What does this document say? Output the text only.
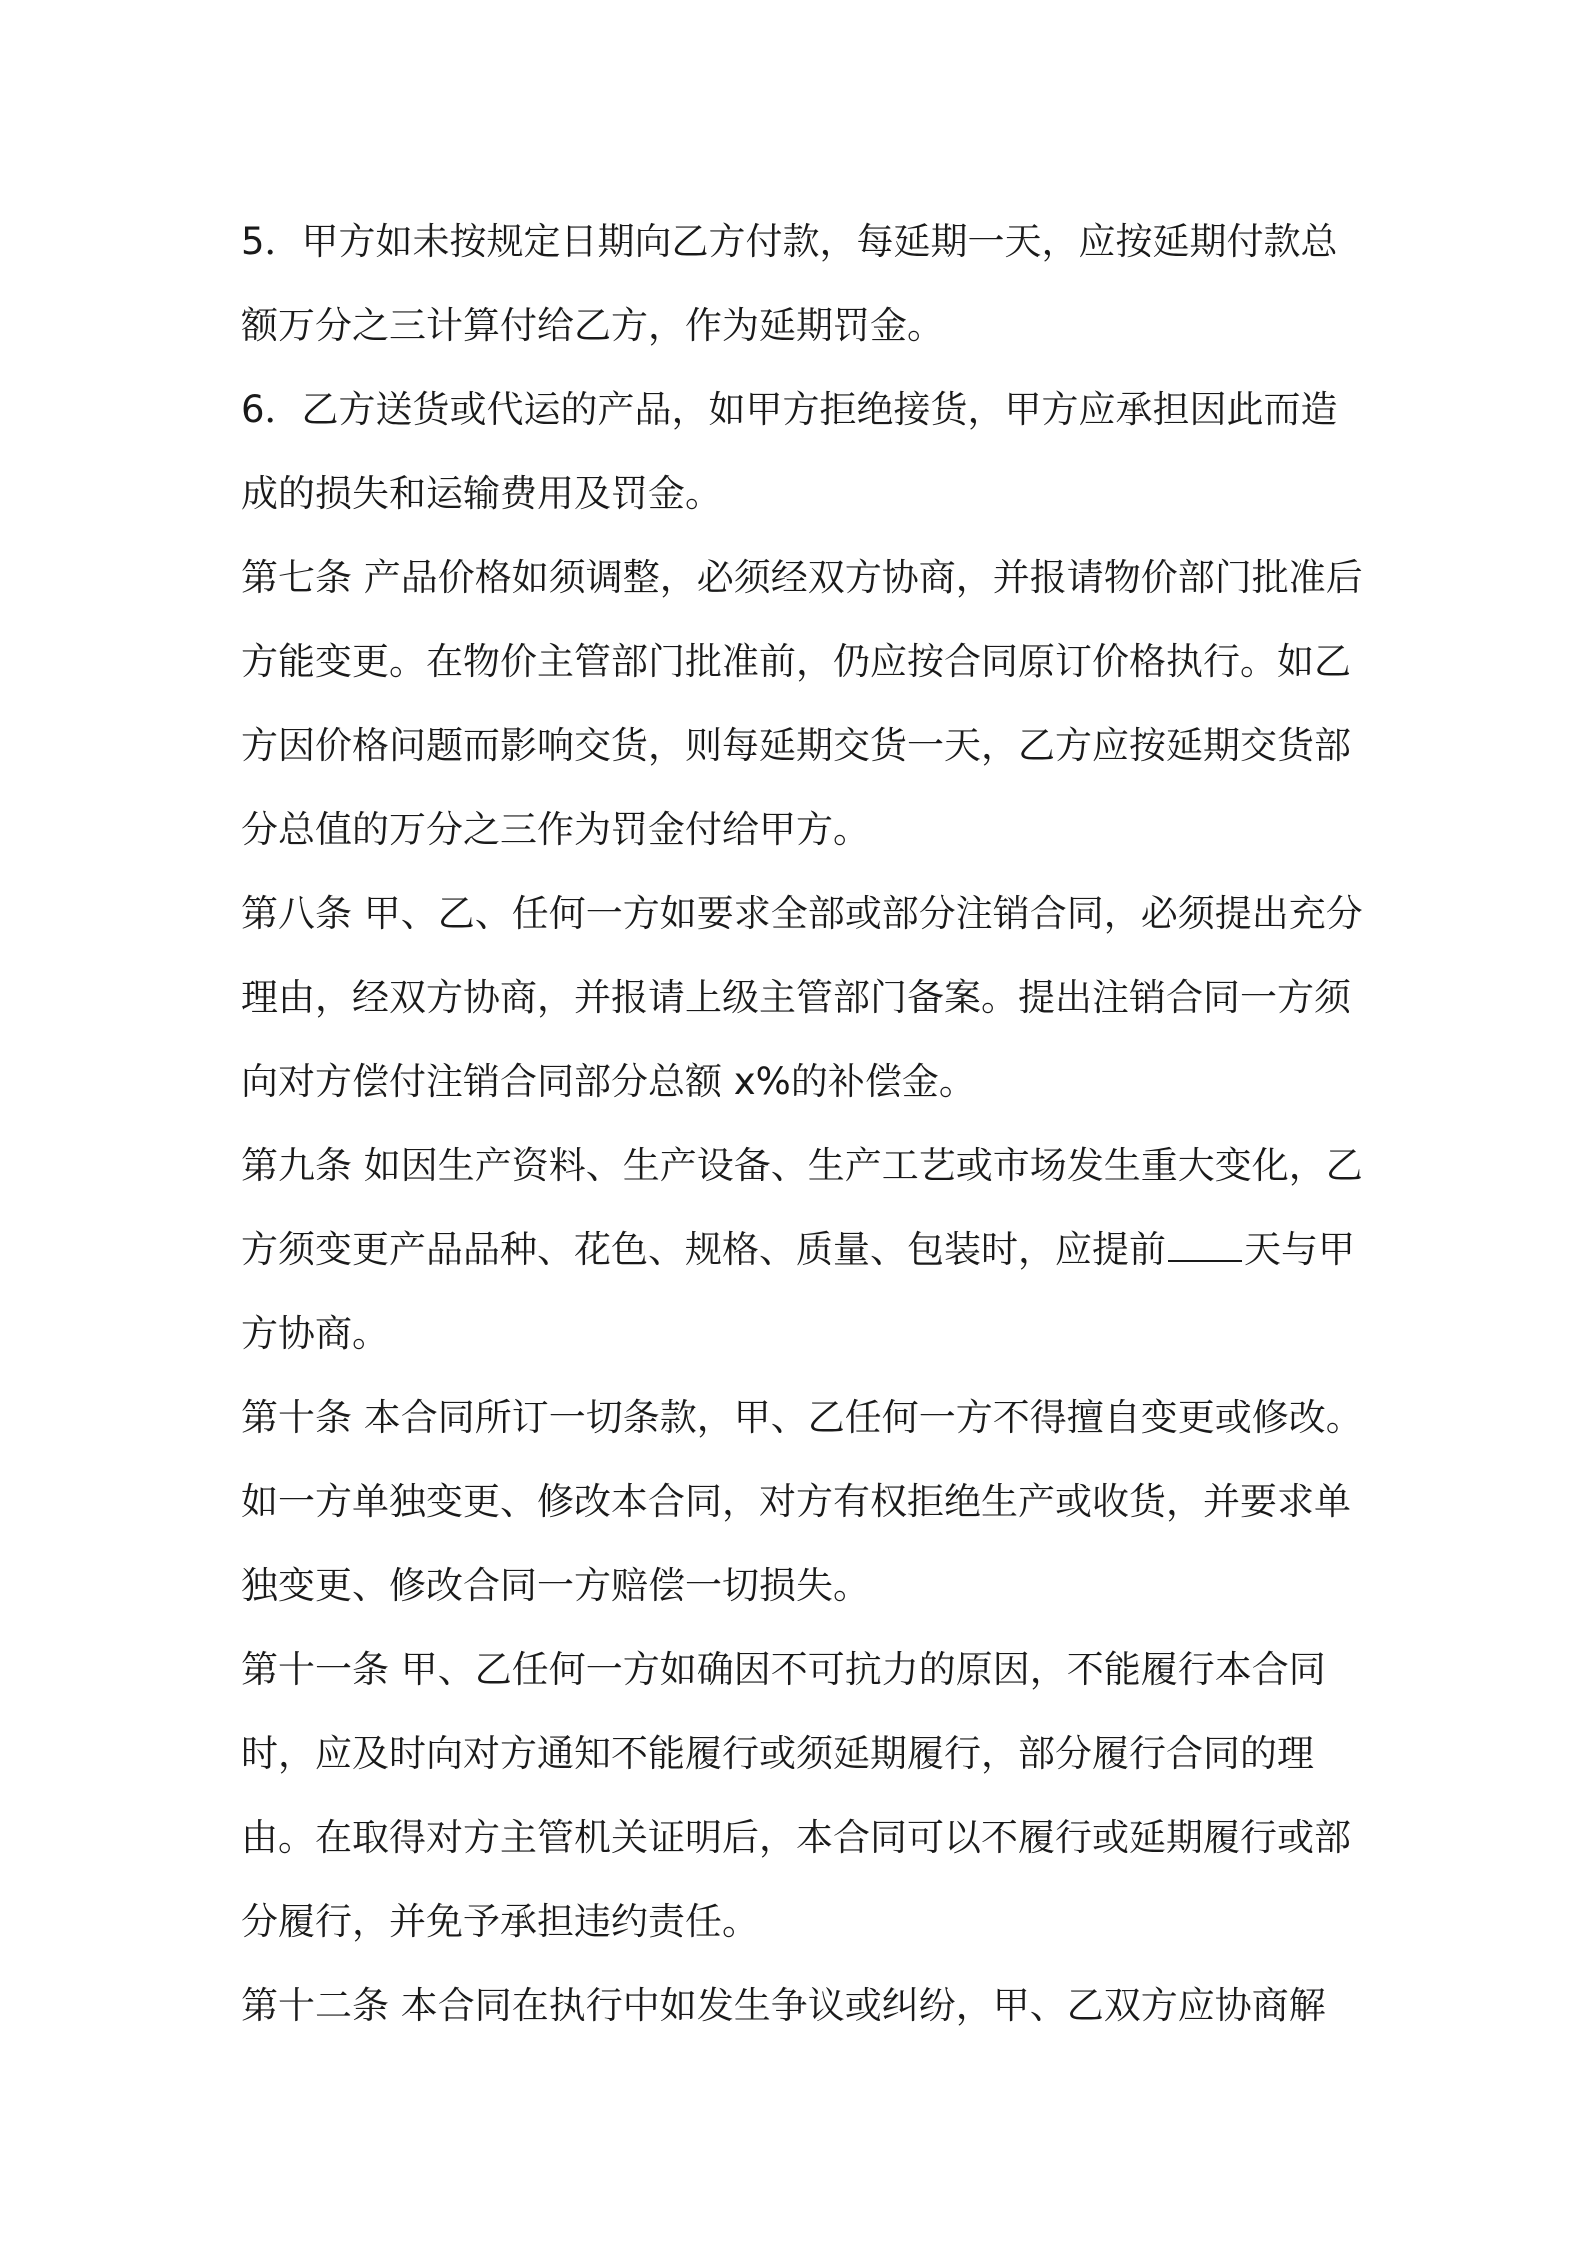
5．甲方如未按规定日期向乙方付款，每延期一天，应按延期付款总额万分之三计算付给乙方，作为延期罚金。

6．乙方送货或代运的产品，如甲方拒绝接货，甲方应承担因此而造成的损失和运输费用及罚金。

第七条 产品价格如须调整，必须经双方协商，并报请物价部门批准后方能变更。在物价主管部门批准前，仍应按合同原订价格执行。如乙方因价格问题而影响交货，则每延期交货一天，乙方应按延期交货部分总值的万分之三作为罚金付给甲方。

第八条 甲、乙、任何一方如要求全部或部分注销合同，必须提出充分理由，经双方协商，并报请上级主管部门备案。提出注销合同一方须向对方偿付注销合同部分总额 x%的补偿金。

第九条 如因生产资料、生产设备、生产工艺或市场发生重大变化，乙方须变更产品品种、花色、规格、质量、包装时，应提前 天与甲方协商。

第十条 本合同所订一切条款，甲、乙任何一方不得擅自变更或修改。如一方单独变更、修改本合同，对方有权拒绝生产或收货，并要求单独变更、修改合同一方赔偿一切损失。

第十一条 甲、乙任何一方如确因不可抗力的原因，不能履行本合同时，应及时向对方通知不能履行或须延期履行，部分履行合同的理由。在取得对方主管机关证明后，本合同可以不履行或延期履行或部分履行，并免予承担违约责任。

第十二条 本合同在执行中如发生争议或纠纷，甲、乙双方应协商解
